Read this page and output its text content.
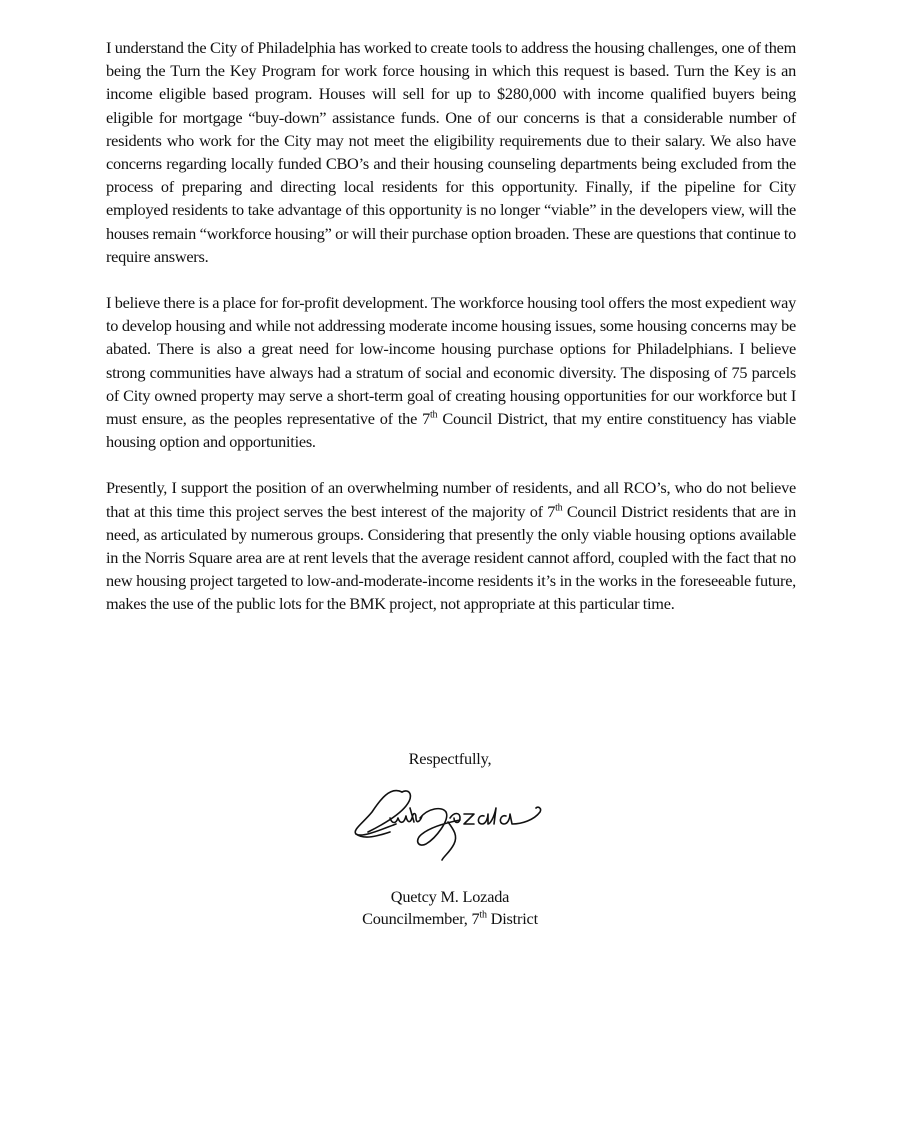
I understand the City of Philadelphia has worked to create tools to address the housing challenges, one of them being the Turn the Key Program for work force housing in which this request is based. Turn the Key is an income eligible based program. Houses will sell for up to $280,000 with income qualified buyers being eligible for mortgage “buy-down” assistance funds. One of our concerns is that a considerable number of residents who work for the City may not meet the eligibility requirements due to their salary. We also have concerns regarding locally funded CBO’s and their housing counseling departments being excluded from the process of preparing and directing local residents for this opportunity. Finally, if the pipeline for City employed residents to take advantage of this opportunity is no longer “viable” in the developers view, will the houses remain “workforce housing” or will their purchase option broaden. These are questions that continue to require answers.

I believe there is a place for for-profit development. The workforce housing tool offers the most expedient way to develop housing and while not addressing moderate income housing issues, some housing concerns may be abated. There is also a great need for low-income housing purchase options for Philadelphians. I believe strong communities have always had a stratum of social and economic diversity. The disposing of 75 parcels of City owned property may serve a short-term goal of creating housing opportunities for our workforce but I must ensure, as the peoples representative of the 7th Council District, that my entire constituency has viable housing option and opportunities.

Presently, I support the position of an overwhelming number of residents, and all RCO’s, who do not believe that at this time this project serves the best interest of the majority of 7th Council District residents that are in need, as articulated by numerous groups. Considering that presently the only viable housing options available in the Norris Square area are at rent levels that the average resident cannot afford, coupled with the fact that no new housing project targeted to low-and-moderate-income residents it’s in the works in the foreseeable future, makes the use of the public lots for the BMK project, not appropriate at this particular time.

Respectfully,
Quetcy M. Lozada
Councilmember, 7th District
